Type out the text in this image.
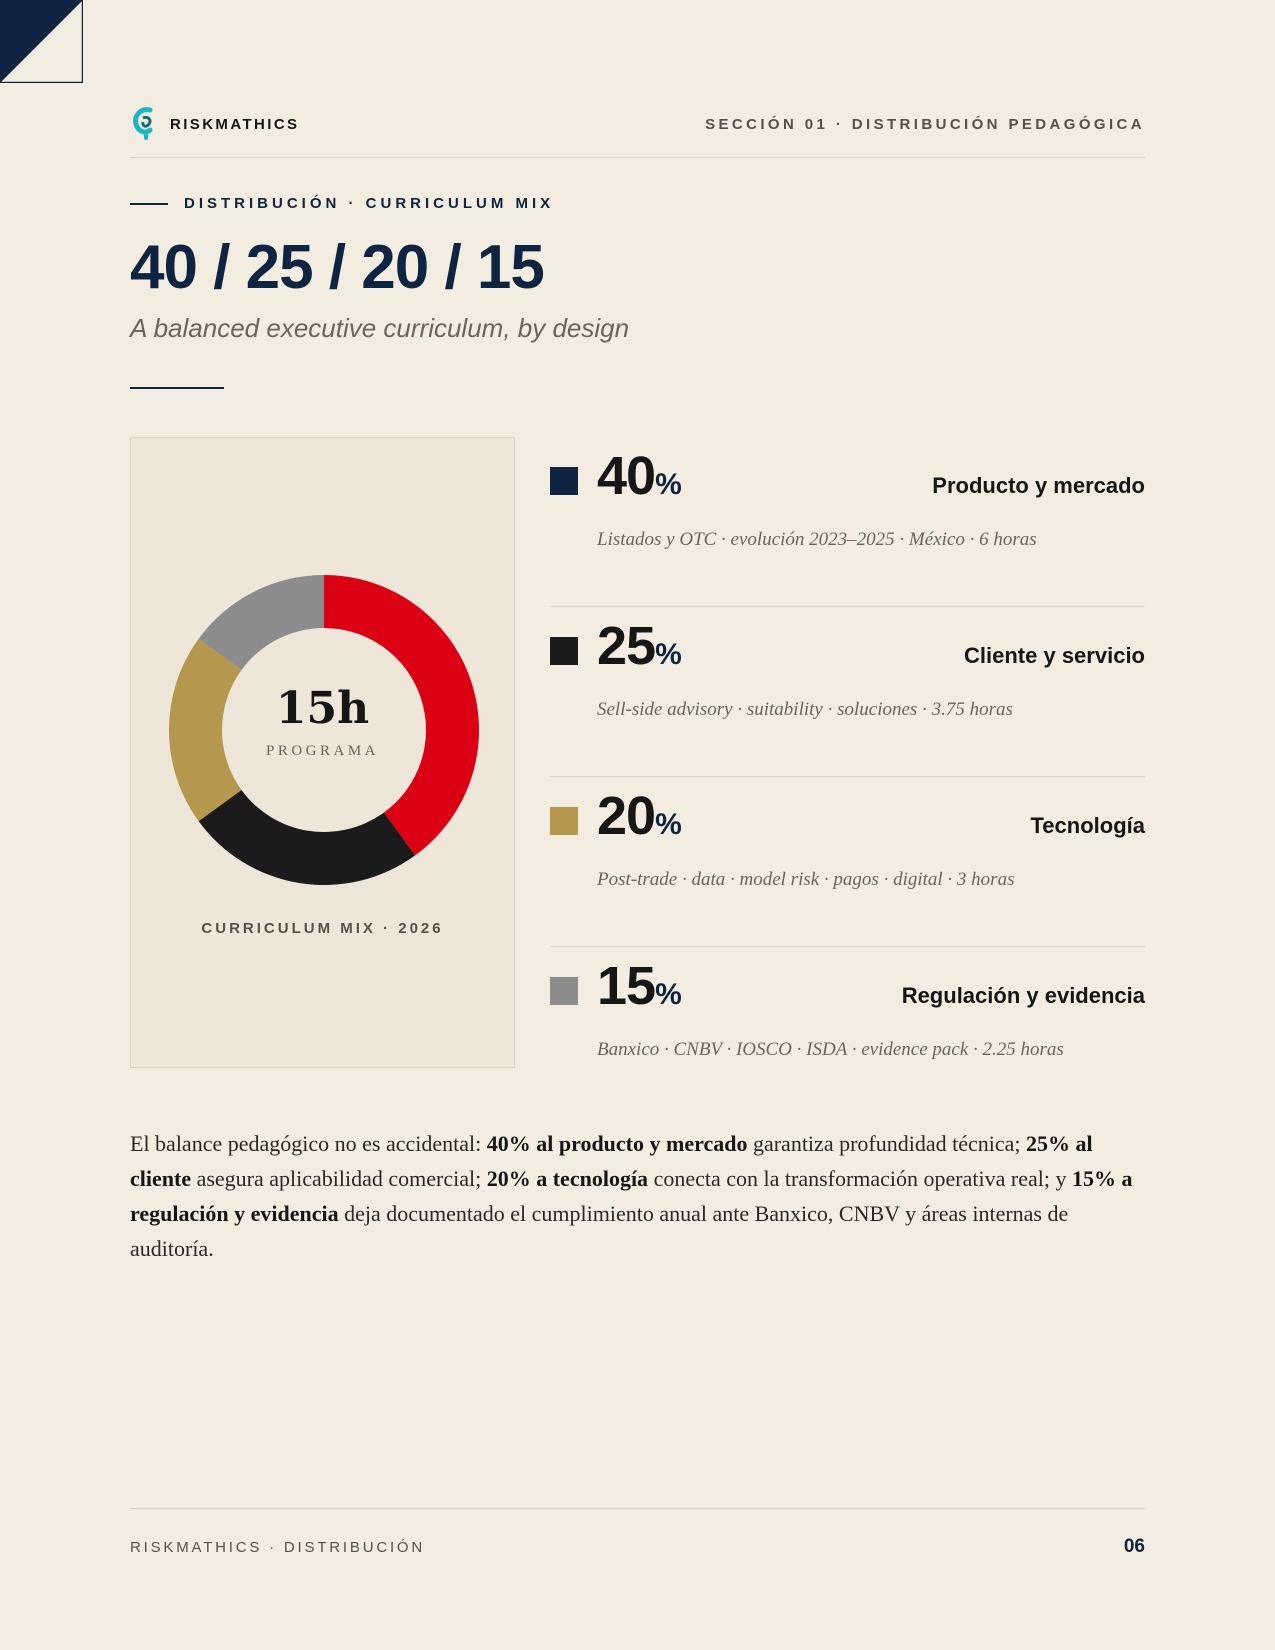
RISKMATHICS	SECCIÓN 01 · DISTRIBUCIÓN PEDAGÓGICA
DISTRIBUCIÓN · CURRICULUM MIX
40 / 25 / 20 / 15
A balanced executive curriculum, by design
15h
PROGRAMA
CURRICULUM MIX · 2026
40%	Producto y mercado
Listados y OTC · evolución 2023–2025 · México · 6 horas
25%	Cliente y servicio
Sell-side advisory · suitability · soluciones · 3.75 horas
20%	Tecnología
Post-trade · data · model risk · pagos · digital · 3 horas
15%	Regulación y evidencia
Banxico · CNBV · IOSCO · ISDA · evidence pack · 2.25 horas

El balance pedagógico no es accidental: 40% al producto y mercado garantiza profundidad técnica; 25% al cliente asegura aplicabilidad comercial; 20% a tecnología conecta con la transformación operativa real; y 15% a regulación y evidencia deja documentado el cumplimiento anual ante Banxico, CNBV y áreas internas de auditoría.

RISKMATHICS · DISTRIBUCIÓN	06
